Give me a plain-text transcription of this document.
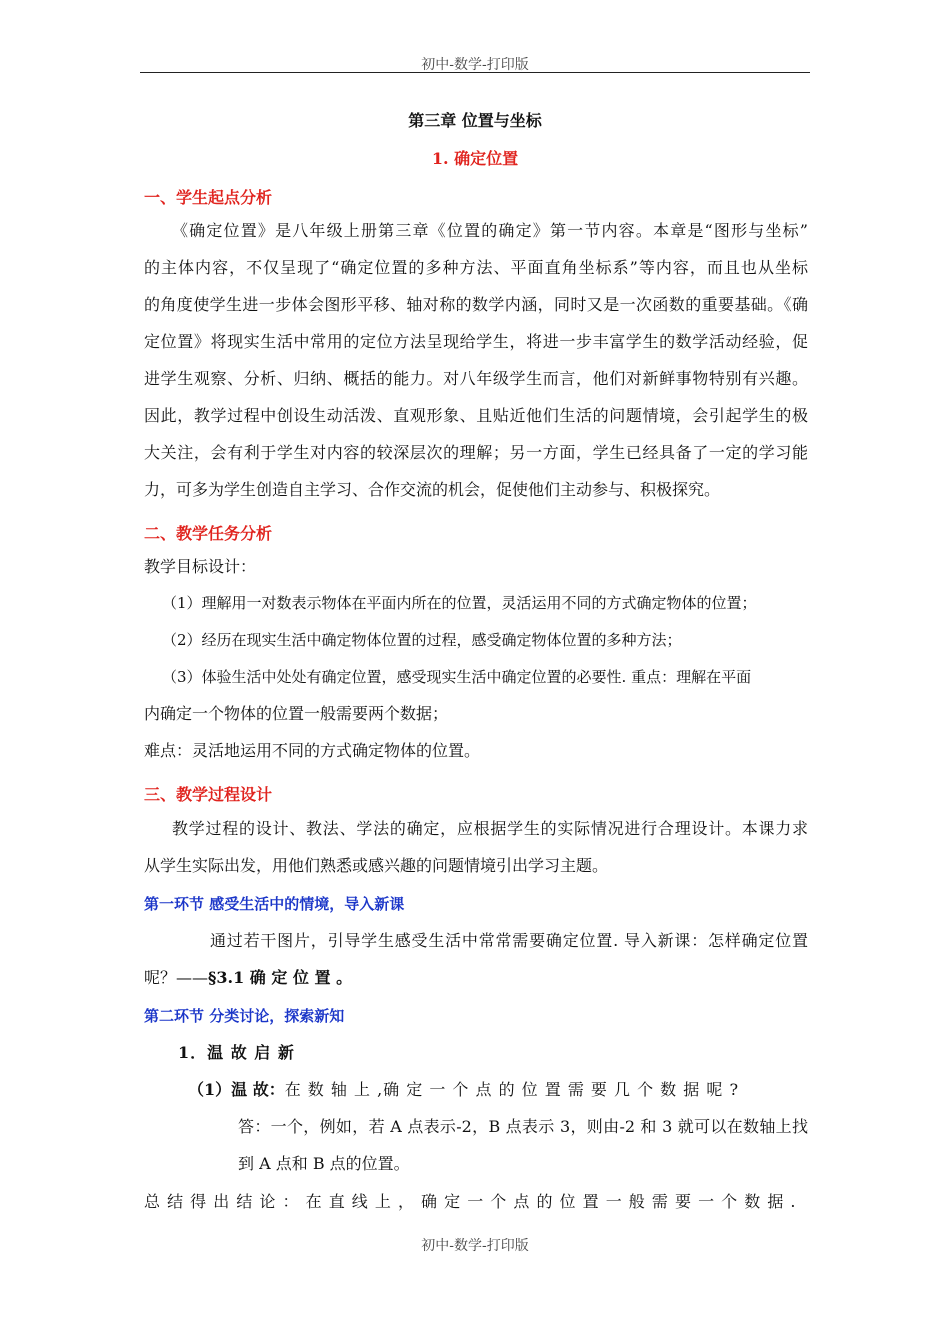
初中-数学-打印版
第三章 位置与坐标
1. 确定位置
一、学生起点分析
《确定位置》是八年级上册第三章《位置的确定》第一节内容。本章是“图形与坐标”
的主体内容，不仅呈现了“确定位置的多种方法、平面直角坐标系”等内容，而且也从坐标
的角度使学生进一步体会图形平移、轴对称的数学内涵，同时又是一次函数的重要基础。《确
定位置》将现实生活中常用的定位方法呈现给学生，将进一步丰富学生的数学活动经验，促
进学生观察、分析、归纳、概括的能力。对八年级学生而言，他们对新鲜事物特别有兴趣。
因此，教学过程中创设生动活泼、直观形象、且贴近他们生活的问题情境，会引起学生的极
大关注，会有利于学生对内容的较深层次的理解；另一方面，学生已经具备了一定的学习能
力，可多为学生创造自主学习、合作交流的机会，促使他们主动参与、积极探究。
二、教学任务分析
教学目标设计：
（1）理解用一对数表示物体在平面内所在的位置，灵活运用不同的方式确定物体的位置；
（2）经历在现实生活中确定物体位置的过程，感受确定物体位置的多种方法；
（3）体验生活中处处有确定位置，感受现实生活中确定位置的必要性. 重点：理解在平面
内确定一个物体的位置一般需要两个数据；
难点：灵活地运用不同的方式确定物体的位置。
三、教学过程设计
教学过程的设计、教法、学法的确定，应根据学生的实际情况进行合理设计。本课力求
从学生实际出发，用他们熟悉或感兴趣的问题情境引出学习主题。
第一环节 感受生活中的情境，导入新课
通过若干图片，引导学生感受生活中常常需要确定位置. 导入新课：怎样确定位置
呢？——§3.1 确 定 位 置 。
第二环节 分类讨论，探索新知
1．温 故 启 新
（1）温 故：在 数 轴 上 ,确 定 一 个 点 的 位 置 需 要 几 个 数 据 呢 ?
答：一个，例如，若 A 点表示-2，B 点表示 3，则由-2 和 3 就可以在数轴上找
到 A 点和 B 点的位置。
总 结 得 出 结 论 ： 在 直 线 上 ， 确 定 一 个 点 的 位 置 一 般 需 要 一 个 数 据 .
初中-数学-打印版
